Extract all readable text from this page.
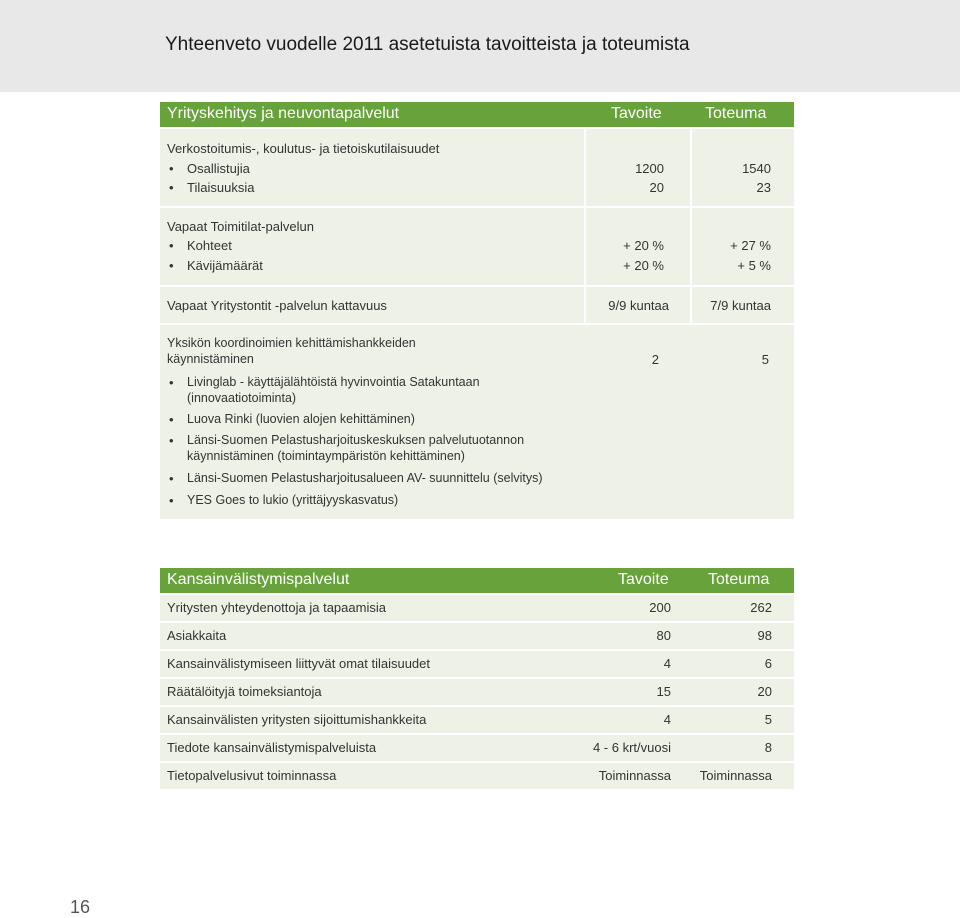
Yhteenveto vuodelle 2011 asetetuista tavoitteista ja toteumista
Yrityskehitys ja neuvontapalvelut	Tavoite	Toteuma
Verkostoitumis-, koulutus- ja tietoiskutilaisuudet
• Osallistujia	1200	1540
• Tilaisuuksia	20	23
Vapaat Toimitilat-palvelun
• Kohteet	+ 20 %	+ 27 %
• Kävijämäärät	+ 20 %	+ 5 %
Vapaat Yritystontit -palvelun kattavuus	9/9 kuntaa	7/9 kuntaa
Yksikön koordinoimien kehittämishankkeiden
käynnistäminen	2	5
• Livinglab - käyttäjälähtöistä hyvinvointia Satakuntaan
(innovaatiotoiminta)
• Luova Rinki (luovien alojen kehittäminen)
• Länsi-Suomen Pelastusharjoituskeskuksen palvelutuotannon
käynnistäminen (toimintaympäristön kehittäminen)
• Länsi-Suomen Pelastusharjoitusalueen AV- suunnittelu (selvitys)
• YES Goes to lukio (yrittäjyyskasvatus)
Kansainvälistymispalvelut	Tavoite Toteuma
Yritysten yhteydenottoja ja tapaamisia	200	262
Asiakkaita	80	98
Kansainvälistymiseen liittyvät omat tilaisuudet	4	6
Räätälöityjä toimeksiantoja	15	20
Kansainvälisten yritysten sijoittumishankkeita	4	5
Tiedote kansainvälistymispalveluista	4 - 6 krt/vuosi	8
Tietopalvelusivut toiminnassa	Toiminnassa Toiminnassa
16
